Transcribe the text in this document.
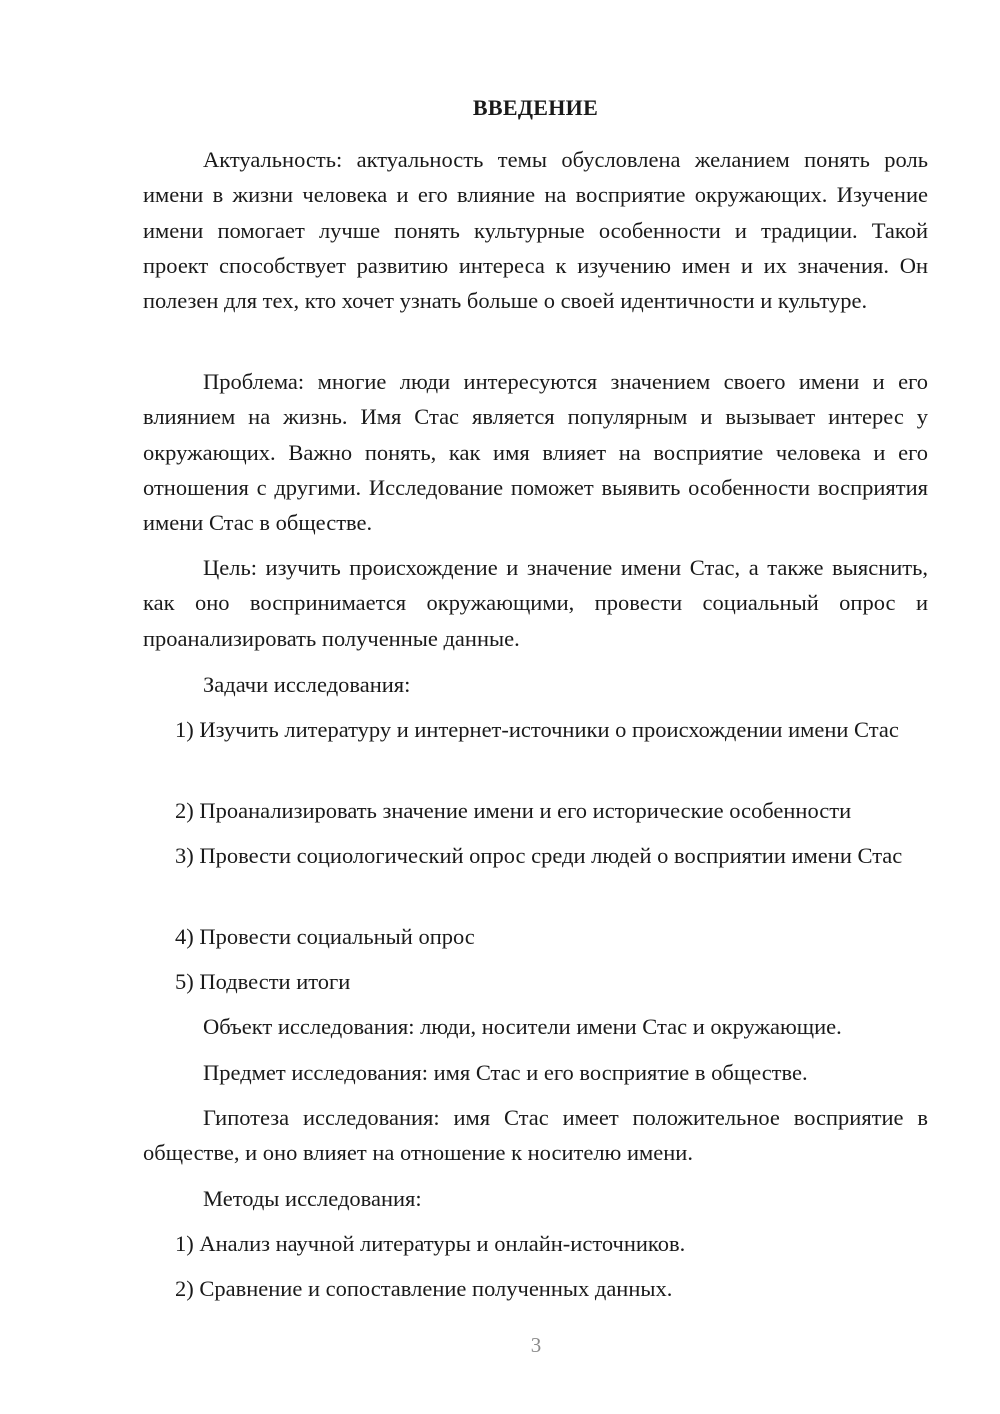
ВВЕДЕНИЕ

Актуальность: актуальность темы обусловлена желанием понять роль имени в жизни человека и его влияние на восприятие окружающих. Изучение имени помогает лучше понять культурные особенности и традиции. Такой проект способствует развитию интереса к изучению имен и их значения. Он полезен для тех, кто хочет узнать больше о своей идентичности и культуре.

Проблема: многие люди интересуются значением своего имени и его влиянием на жизнь. Имя Стас является популярным и вызывает интерес у окружающих. Важно понять, как имя влияет на восприятие человека и его отношения с другими. Исследование поможет выявить особенности восприятия имени Стас в обществе.

Цель: изучить происхождение и значение имени Стас, а также выяснить, как оно воспринимается окружающими, провести социальный опрос и проанализировать полученные данные.

Задачи исследования:

1) Изучить литературу и интернет-источники о происхождении имени Стас

2) Проанализировать значение имени и его исторические особенности

3) Провести социологический опрос среди людей о восприятии имени Стас

4) Провести социальный опрос

5) Подвести итоги

Объект исследования: люди, носители имени Стас и окружающие.

Предмет исследования: имя Стас и его восприятие в обществе.

Гипотеза исследования: имя Стас имеет положительное восприятие в обществе, и оно влияет на отношение к носителю имени.

Методы исследования:

1) Анализ научной литературы и онлайн-источников.

2) Сравнение и сопоставление полученных данных.

3
